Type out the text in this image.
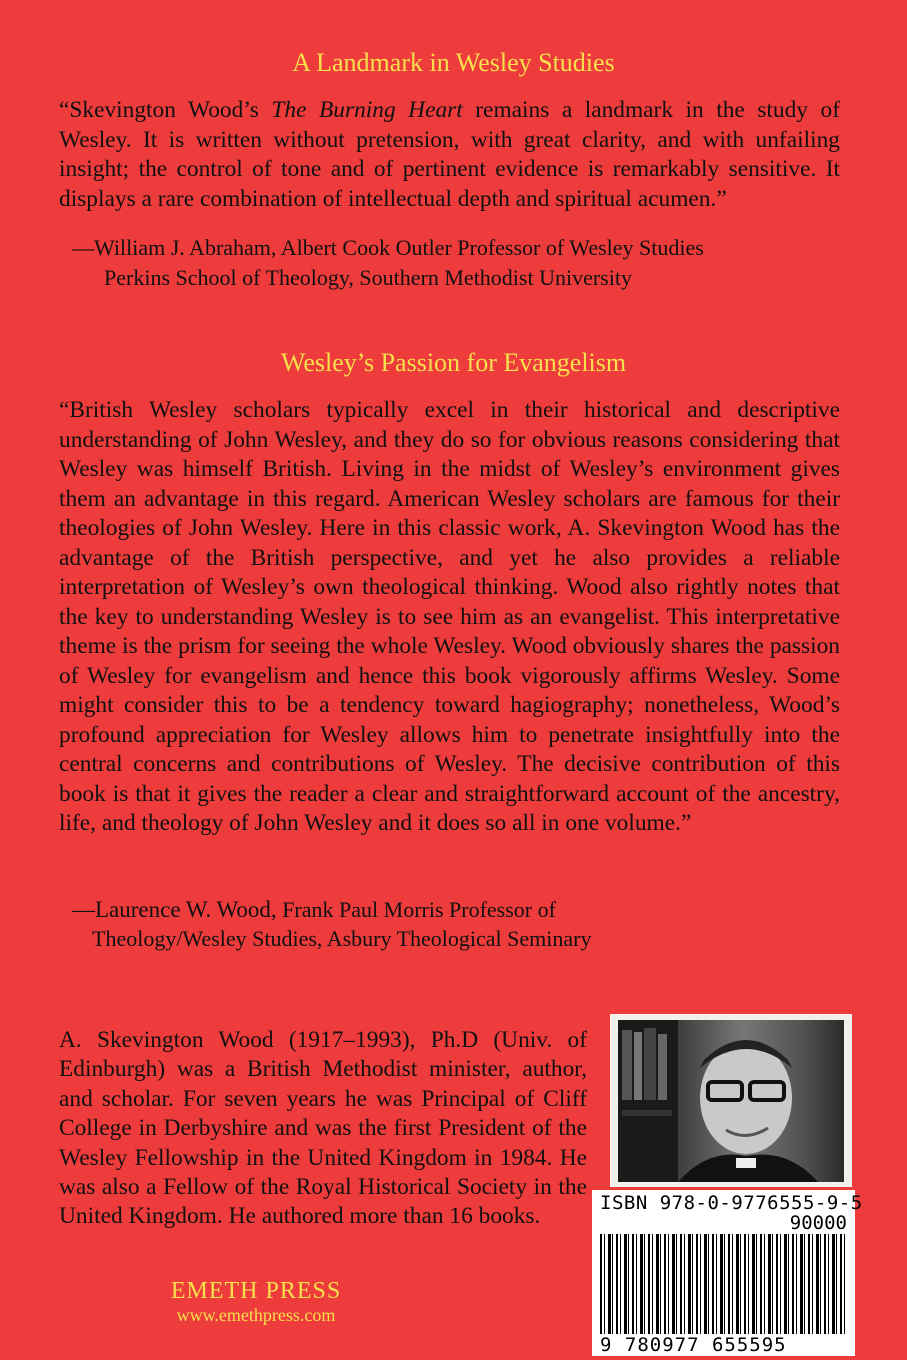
A Landmark in Wesley Studies
“Skevington Wood’s The Burning Heart remains a landmark in the study of Wesley. It is written without pretension, with great clarity, and with unfailing insight; the control of tone and of pertinent evidence is remarkably sensitive. It displays a rare combination of intellectual depth and spiritual acumen.”
—William J. Abraham, Albert Cook Outler Professor of Wesley Studies
Perkins School of Theology, Southern Methodist University
Wesley’s Passion for Evangelism
“British Wesley scholars typically excel in their historical and descriptive understanding of John Wesley, and they do so for obvious reasons considering that Wesley was himself British. Living in the midst of Wesley’s environment gives them an advantage in this regard. American Wesley scholars are famous for their theologies of John Wesley. Here in this classic work, A. Skevington Wood has the advantage of the British perspective, and yet he also provides a reliable interpretation of Wesley’s own theological thinking. Wood also rightly notes that the key to understanding Wesley is to see him as an evangelist. This interpretative theme is the prism for seeing the whole Wesley. Wood obviously shares the passion of Wesley for evangelism and hence this book vigorously affirms Wesley. Some might consider this to be a tendency toward hagiography; nonetheless, Wood’s profound appreciation for Wesley allows him to penetrate insightfully into the central concerns and contributions of Wesley. The decisive contribution of this book is that it gives the reader a clear and straightforward account of the ancestry, life, and theology of John Wesley and it does so all in one volume.”
—Laurence W. Wood, Frank Paul Morris Professor of
Theology/Wesley Studies, Asbury Theological Seminary
A. Skevington Wood (1917–1993), Ph.D (Univ. of Edinburgh) was a British Methodist minister, author, and scholar. For seven years he was Principal of Cliff College in Derbyshire and was the first President of the Wesley Fellowship in the United Kingdom in 1984. He was also a Fellow of the Royal Historical Society in the United Kingdom. He authored more than 16 books.
ISBN 978-0-9776555-9-5
90000
9 780977 655595
EMETH PRESS
www.emethpress.com
